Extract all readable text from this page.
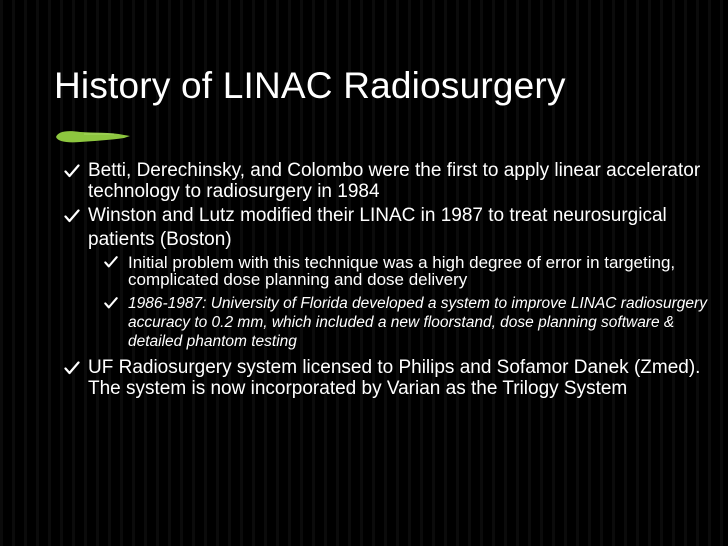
History of LINAC Radiosurgery
Betti, Derechinsky, and Colombo were the first to apply linear accelerator technology to radiosurgery in 1984
Winston and Lutz modified their LINAC in 1987 to treat neurosurgical patients (Boston)
Initial problem with this technique was a high degree of error in targeting, complicated dose planning and dose delivery
1986-1987: University of Florida developed a system to improve LINAC radiosurgery accuracy to 0.2 mm, which included a new floorstand, dose planning software & detailed phantom testing
UF Radiosurgery system licensed to Philips and Sofamor Danek (Zmed). The system is now incorporated by Varian as the Trilogy System
